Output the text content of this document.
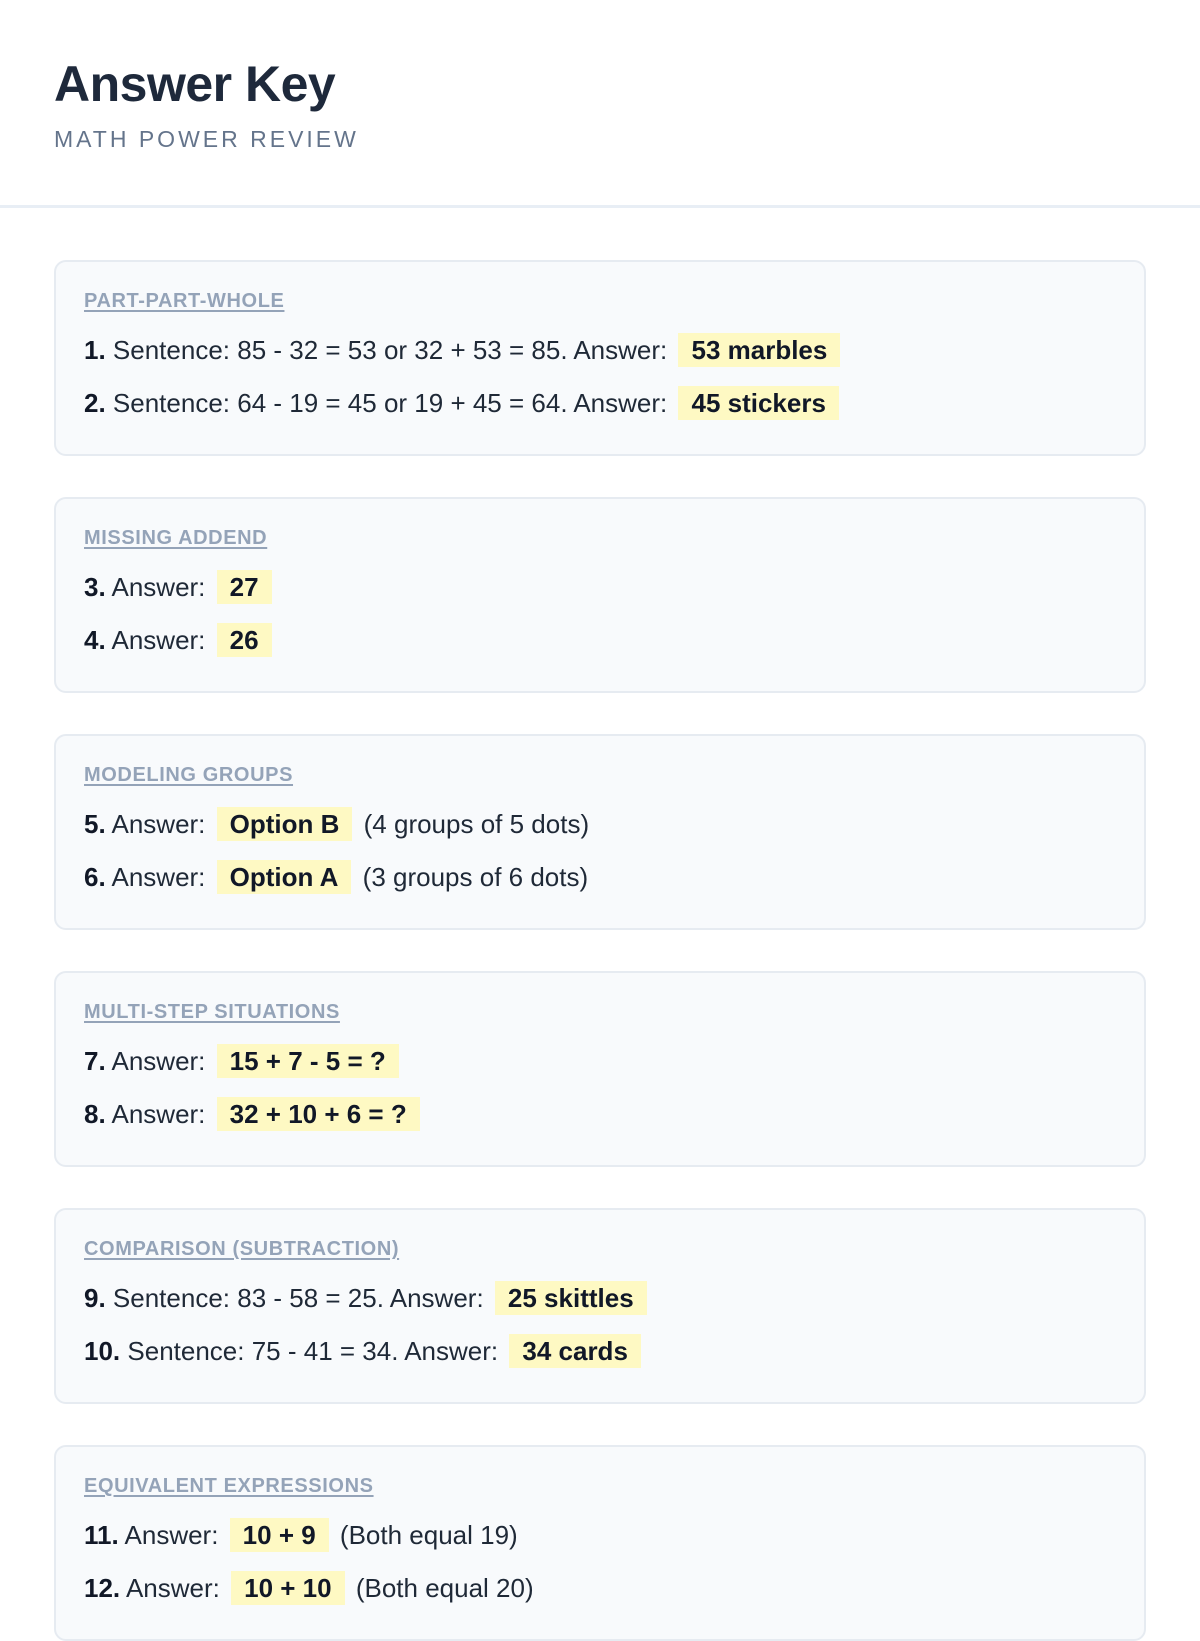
Answer Key
MATH POWER REVIEW
PART-PART-WHOLE
1. Sentence: 85 - 32 = 53 or 32 + 53 = 85. Answer: 53 marbles
2. Sentence: 64 - 19 = 45 or 19 + 45 = 64. Answer: 45 stickers
MISSING ADDEND
3. Answer: 27
4. Answer: 26
MODELING GROUPS
5. Answer: Option B (4 groups of 5 dots)
6. Answer: Option A (3 groups of 6 dots)
MULTI-STEP SITUATIONS
7. Answer: 15 + 7 - 5 = ?
8. Answer: 32 + 10 + 6 = ?
COMPARISON (SUBTRACTION)
9. Sentence: 83 - 58 = 25. Answer: 25 skittles
10. Sentence: 75 - 41 = 34. Answer: 34 cards
EQUIVALENT EXPRESSIONS
11. Answer: 10 + 9 (Both equal 19)
12. Answer: 10 + 10 (Both equal 20)
